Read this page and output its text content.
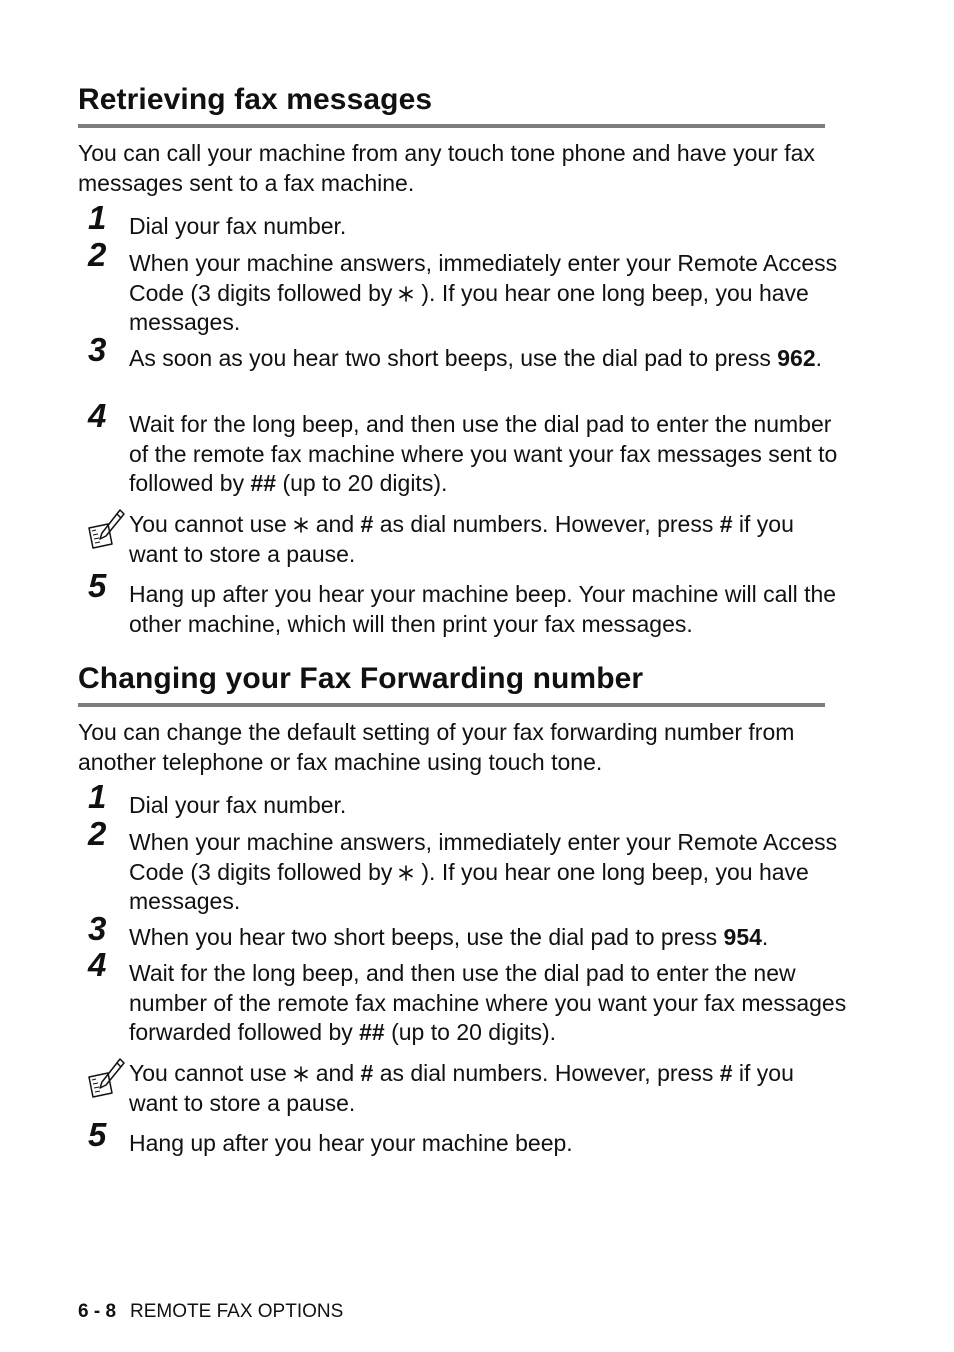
Retrieving fax messages

You can call your machine from any touch tone phone and have your fax messages sent to a fax machine.

1 Dial your fax number.

2 When your machine answers, immediately enter your Remote Access Code (3 digits followed by ). If you hear one long beep, you have messages.

3 As soon as you hear two short beeps, use the dial pad to press 962.

4 Wait for the long beep, and then use the dial pad to enter the number of the remote fax machine where you want your fax messages sent to followed by ## (up to 20 digits).

You cannot use and # as dial numbers. However, press # if you want to store a pause.

5 Hang up after you hear your machine beep. Your machine will call the other machine, which will then print your fax messages.

Changing your Fax Forwarding number

You can change the default setting of your fax forwarding number from another telephone or fax machine using touch tone.

1 Dial your fax number.

2 When your machine answers, immediately enter your Remote Access Code (3 digits followed by ). If you hear one long beep, you have messages.

3 When you hear two short beeps, use the dial pad to press 954.

4 Wait for the long beep, and then use the dial pad to enter the new number of the remote fax machine where you want your fax messages forwarded followed by ## (up to 20 digits).

You cannot use and # as dial numbers. However, press # if you want to store a pause.

5 Hang up after you hear your machine beep.

6 - 8 REMOTE FAX OPTIONS
